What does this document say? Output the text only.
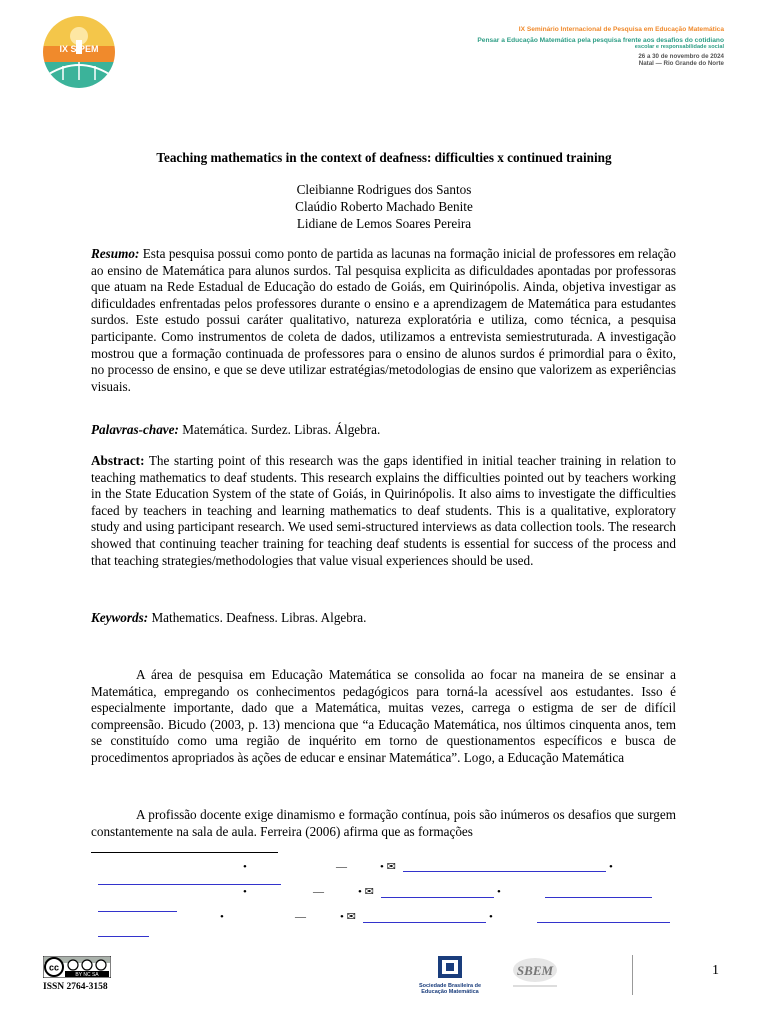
IX SIPEM
IX Seminário Internacional de Pesquisa em Educação Matemática
Pensar a Educação Matemática pela pesquisa frente aos desafios do cotidiano
escolar e responsabilidade social
26 a 30 de novembro de 2024
Natal — Rio Grande do Norte
Teaching mathematics in the context of deafness: difficulties x continued training
Cleibianne Rodrigues dos Santos
Claúdio Roberto Machado Benite
Lidiane de Lemos Soares Pereira
Resumo: Esta pesquisa possui como ponto de partida as lacunas na formação inicial de professores em relação ao ensino de Matemática para alunos surdos. Tal pesquisa explicita as dificuldades apontadas por professoras que atuam na Rede Estadual de Educação do estado de Goiás, em Quirinópolis. Ainda, objetiva investigar as dificuldades enfrentadas pelos professores durante o ensino e a aprendizagem de Matemática para estudantes surdos. Este estudo possui caráter qualitativo, natureza exploratória e utiliza, como técnica, a pesquisa participante. Como instrumentos de coleta de dados, utilizamos a entrevista semiestruturada. A investigação mostrou que a formação continuada de professores para o ensino de alunos surdos é primordial para o êxito, no processo de ensino, e que se deve utilizar estratégias/metodologias de ensino que valorizem as experiências visuais.
Palavras-chave: Matemática. Surdez. Libras. Álgebra.
Abstract: The starting point of this research was the gaps identified in initial teacher training in relation to teaching mathematics to deaf students. This research explains the difficulties pointed out by teachers working in the State Education System of the state of Goiás, in Quirinópolis. It also aims to investigate the difficulties faced by teachers in teaching and learning mathematics to deaf students. This is a qualitative, exploratory study and using participant research. We used semi-structured interviews as data collection tools. The research showed that continuing teacher training for teaching deaf students is essential for success of the process and that teaching strategies/methodologies that value visual experiences should be used.
Keywords: Mathematics. Deafness. Libras. Algebra.
A área de pesquisa em Educação Matemática se consolida ao focar na maneira de se ensinar a Matemática, empregando os conhecimentos pedagógicos para torná-la acessível aos estudantes. Isso é especialmente importante, dado que a Matemática, muitas vezes, carrega o estigma de ser de difícil compreensão. Bicudo (2003, p. 13) menciona que “a Educação Matemática, nos últimos cinquenta anos, tem se constituído como uma região de inquérito em torno de questionamentos específicos e busca de procedimentos apropriados às ações de educar e ensinar Matemática”. Logo, a Educação Matemática
A profissão docente exige dinamismo e formação contínua, pois são inúmeros os desafios que surgem constantemente na sala de aula. Ferreira (2006) afirma que as formações
•	—	• ✉	•
•	—	• ✉	•
•	—	• ✉	•
cc
BY NC SA
ISSN 2764-3158	Sociedade Brasileira de Educação Matemática
SBEM	1
